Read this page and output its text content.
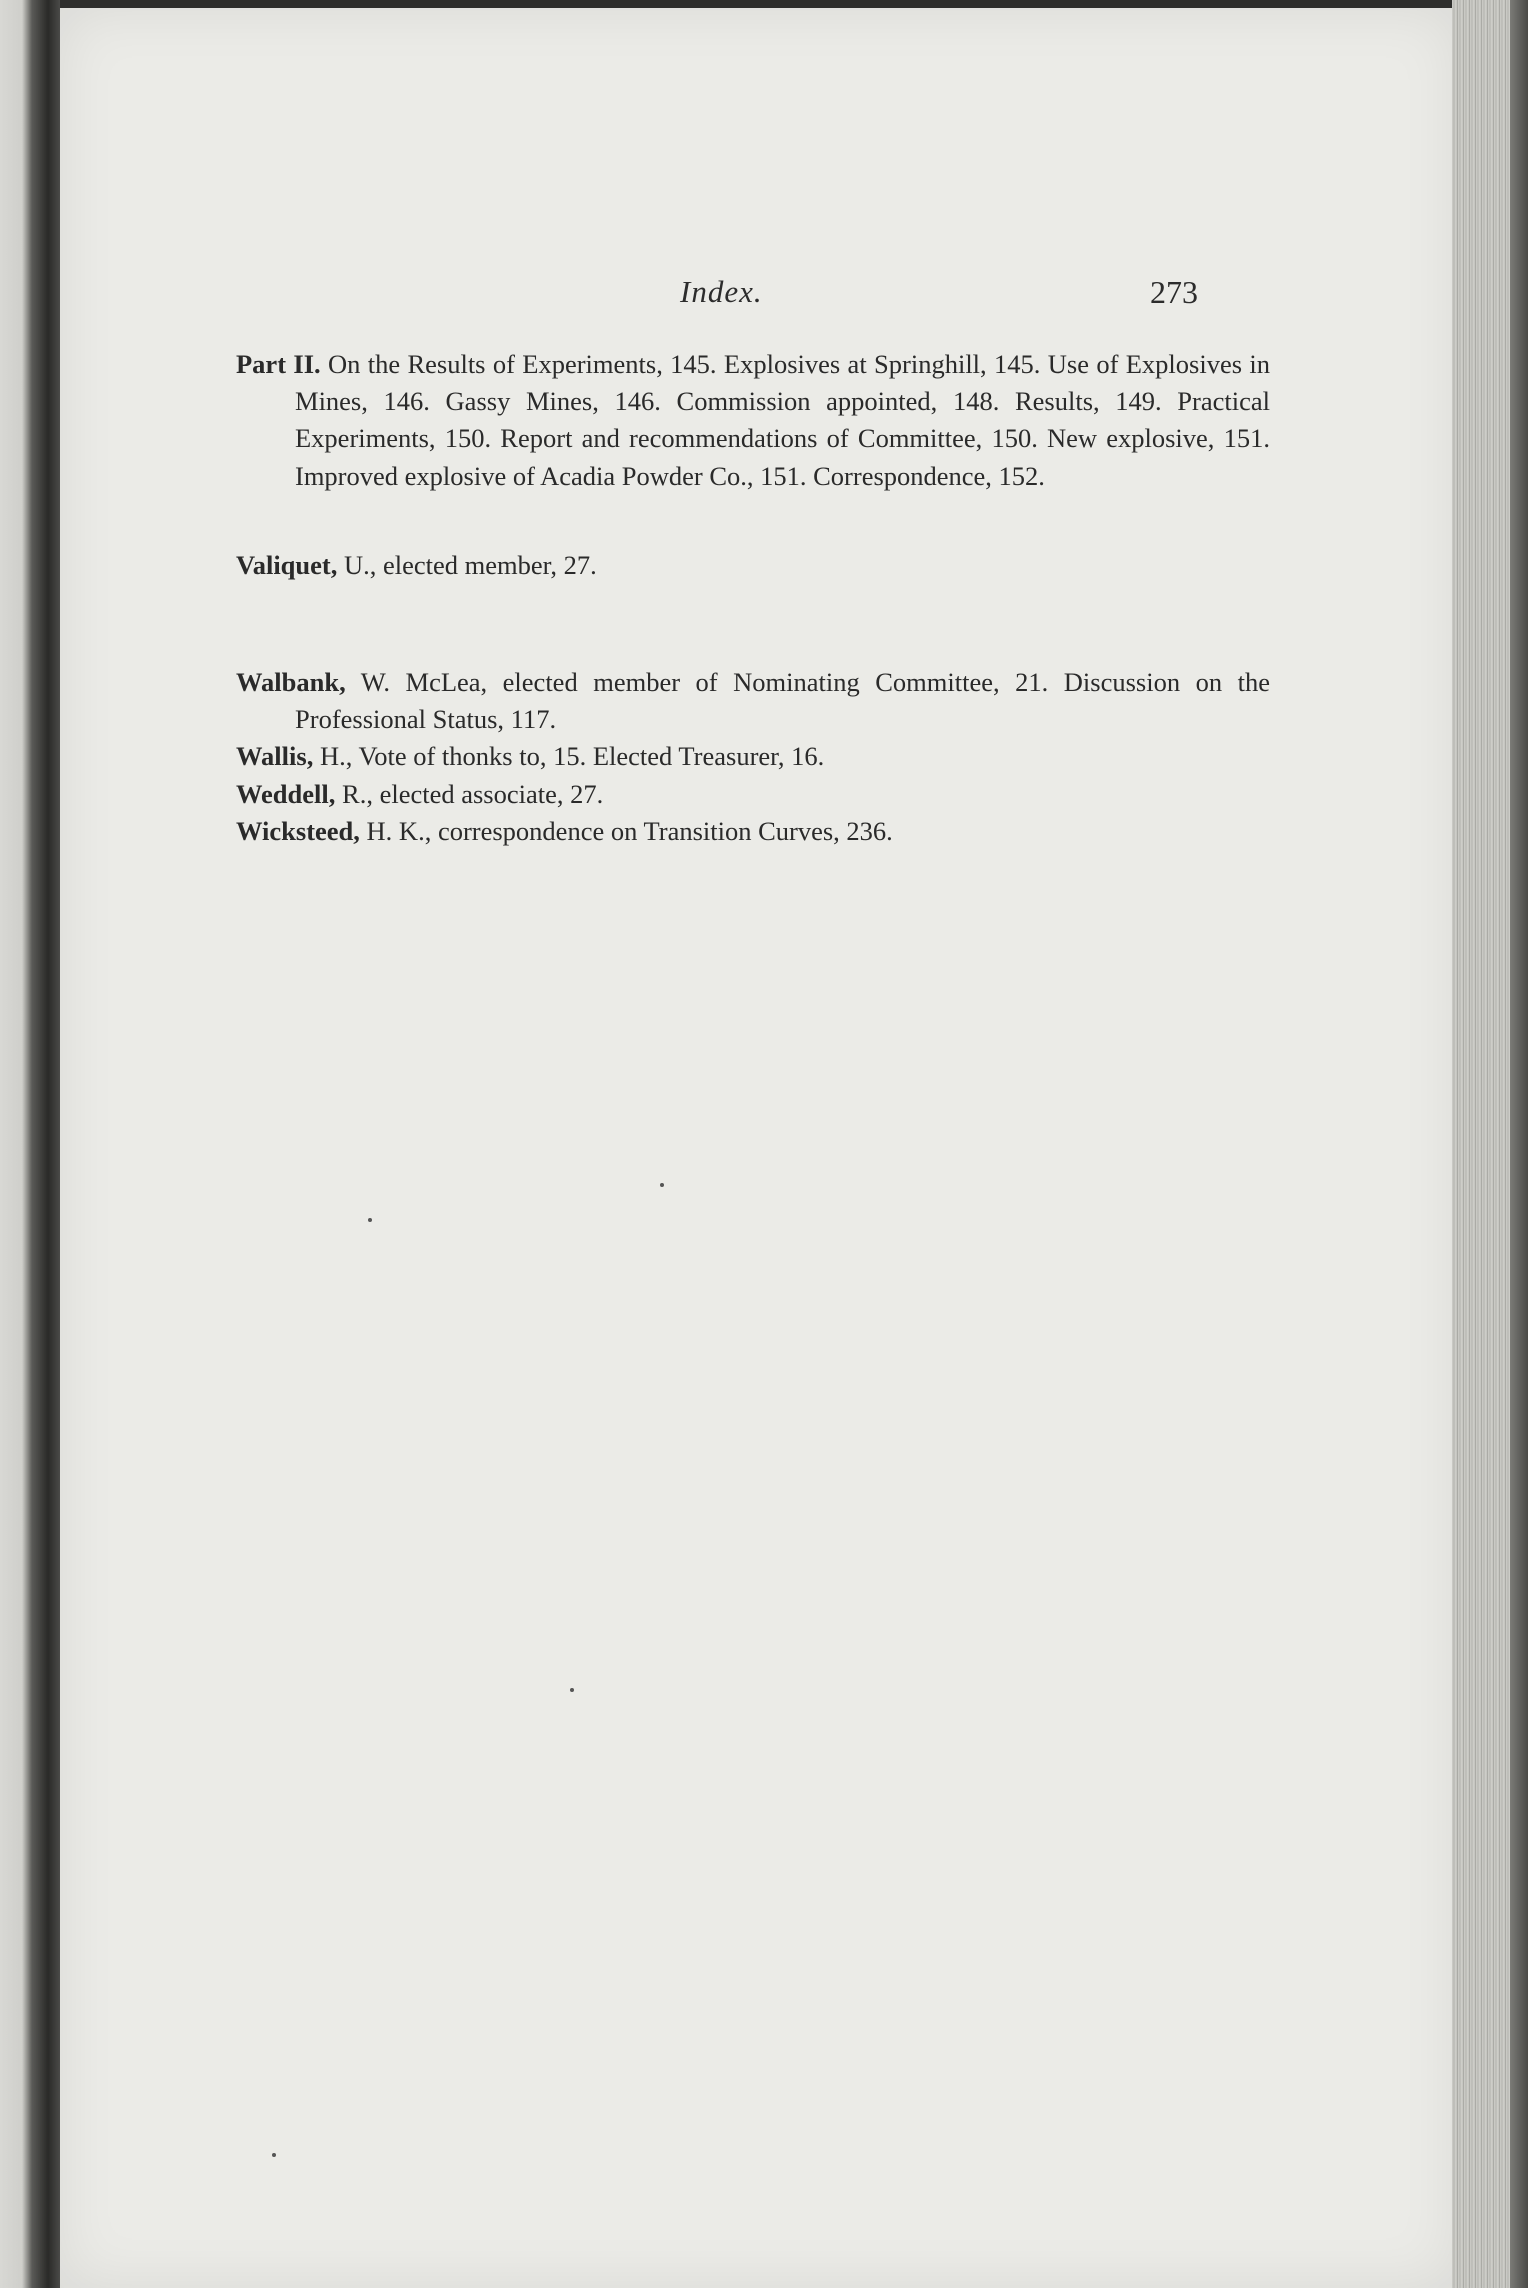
Index.	273
Part II. On the Results of Experiments, 145. Explosives at Springhill, 145. Use of Explosives in Mines, 146. Gassy Mines, 146. Commission appointed, 148. Results, 149. Practical Experiments, 150. Report and recommendations of Committee, 150. New explosive, 151. Improved explosive of Acadia Powder Co., 151. Correspondence, 152.
Valiquet, U., elected member, 27.
Walbank, W. McLea, elected member of Nominating Committee, 21. Discussion on the Professional Status, 117.
Wallis, H., Vote of thonks to, 15. Elected Treasurer, 16.
Weddell, R., elected associate, 27.
Wicksteed, H. K., correspondence on Transition Curves, 236.
